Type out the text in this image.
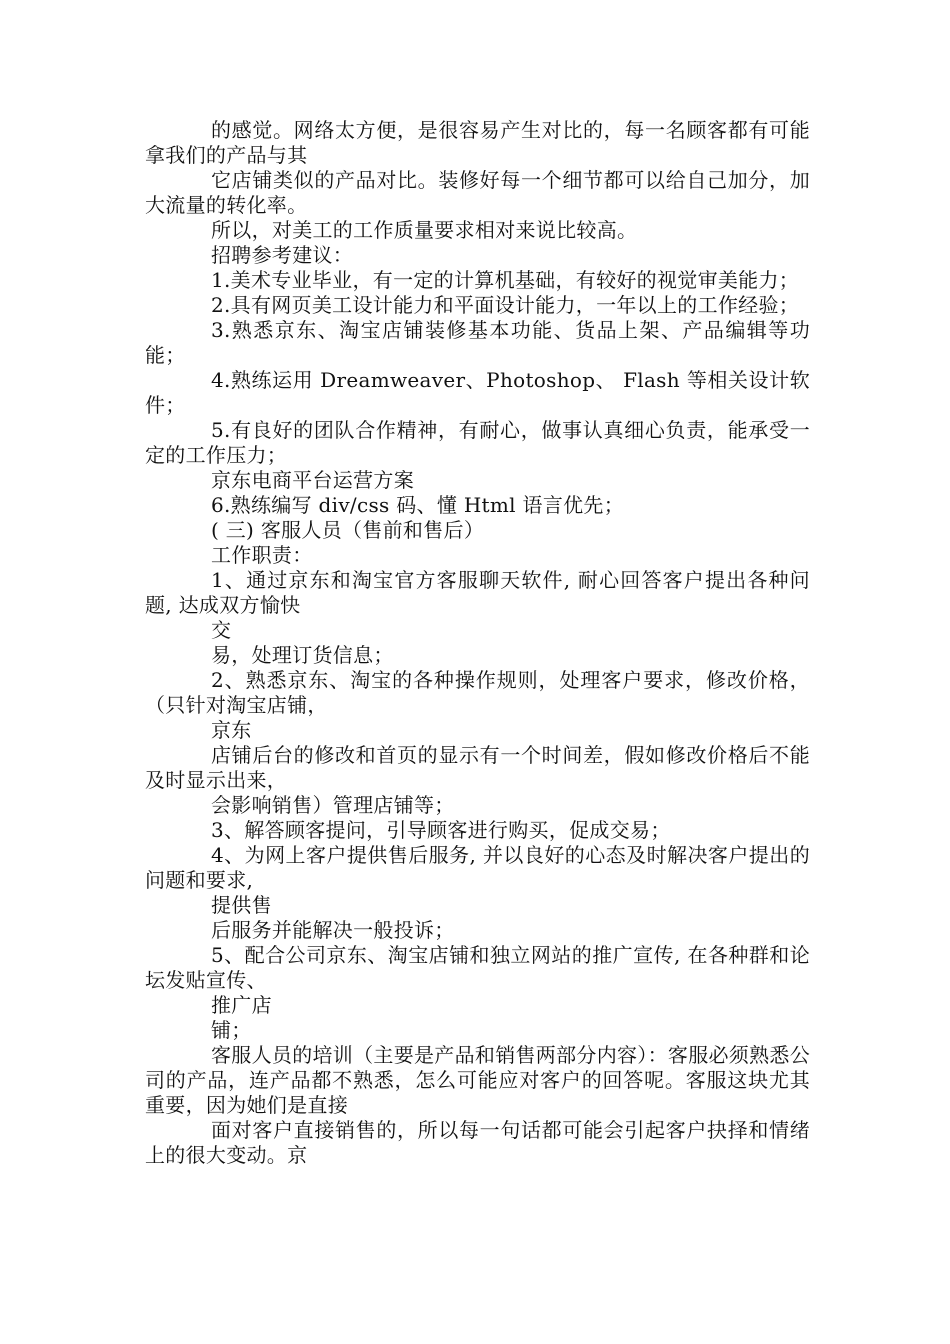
的感觉。网络太方便，是很容易产生对比的，每一名顾客都有可能拿我们的产品与其

它店铺类似的产品对比。装修好每一个细节都可以给自己加分，加大流量的转化率。

所以，对美工的工作质量要求相对来说比较高。

招聘参考建议：

1.美术专业毕业，有一定的计算机基础，有较好的视觉审美能力；

2.具有网页美工设计能力和平面设计能力，一年以上的工作经验；

3.熟悉京东、淘宝店铺装修基本功能、货品上架、产品编辑等功能；

4.熟练运用 Dreamweaver、Photoshop、 Flash 等相关设计软件；

5.有良好的团队合作精神，有耐心，做事认真细心负责，能承受一定的工作压力；

京东电商平台运营方案

6.熟练编写 div/css 码、懂 Html 语言优先；

( 三) 客服人员（售前和售后）

工作职责：

1、通过京东和淘宝官方客服聊天软件, 耐心回答客户提出各种问题, 达成双方愉快

交

易，处理订货信息；

2、熟悉京东、淘宝的各种操作规则，处理客户要求，修改价格，（只针对淘宝店铺，

京东

店铺后台的修改和首页的显示有一个时间差，假如修改价格后不能及时显示出来，

会影响销售）管理店铺等；

3、解答顾客提问，引导顾客进行购买，促成交易；

4、为网上客户提供售后服务, 并以良好的心态及时解决客户提出的问题和要求,

提供售

后服务并能解决一般投诉；

5、配合公司京东、淘宝店铺和独立网站的推广宣传, 在各种群和论坛发贴宣传、

推广店

铺；

客服人员的培训（主要是产品和销售两部分内容）：客服必须熟悉公司的产品，连产品都不熟悉，怎么可能应对客户的回答呢。客服这块尤其重要，因为她们是直接

面对客户直接销售的，所以每一句话都可能会引起客户抉择和情绪上的很大变动。京
